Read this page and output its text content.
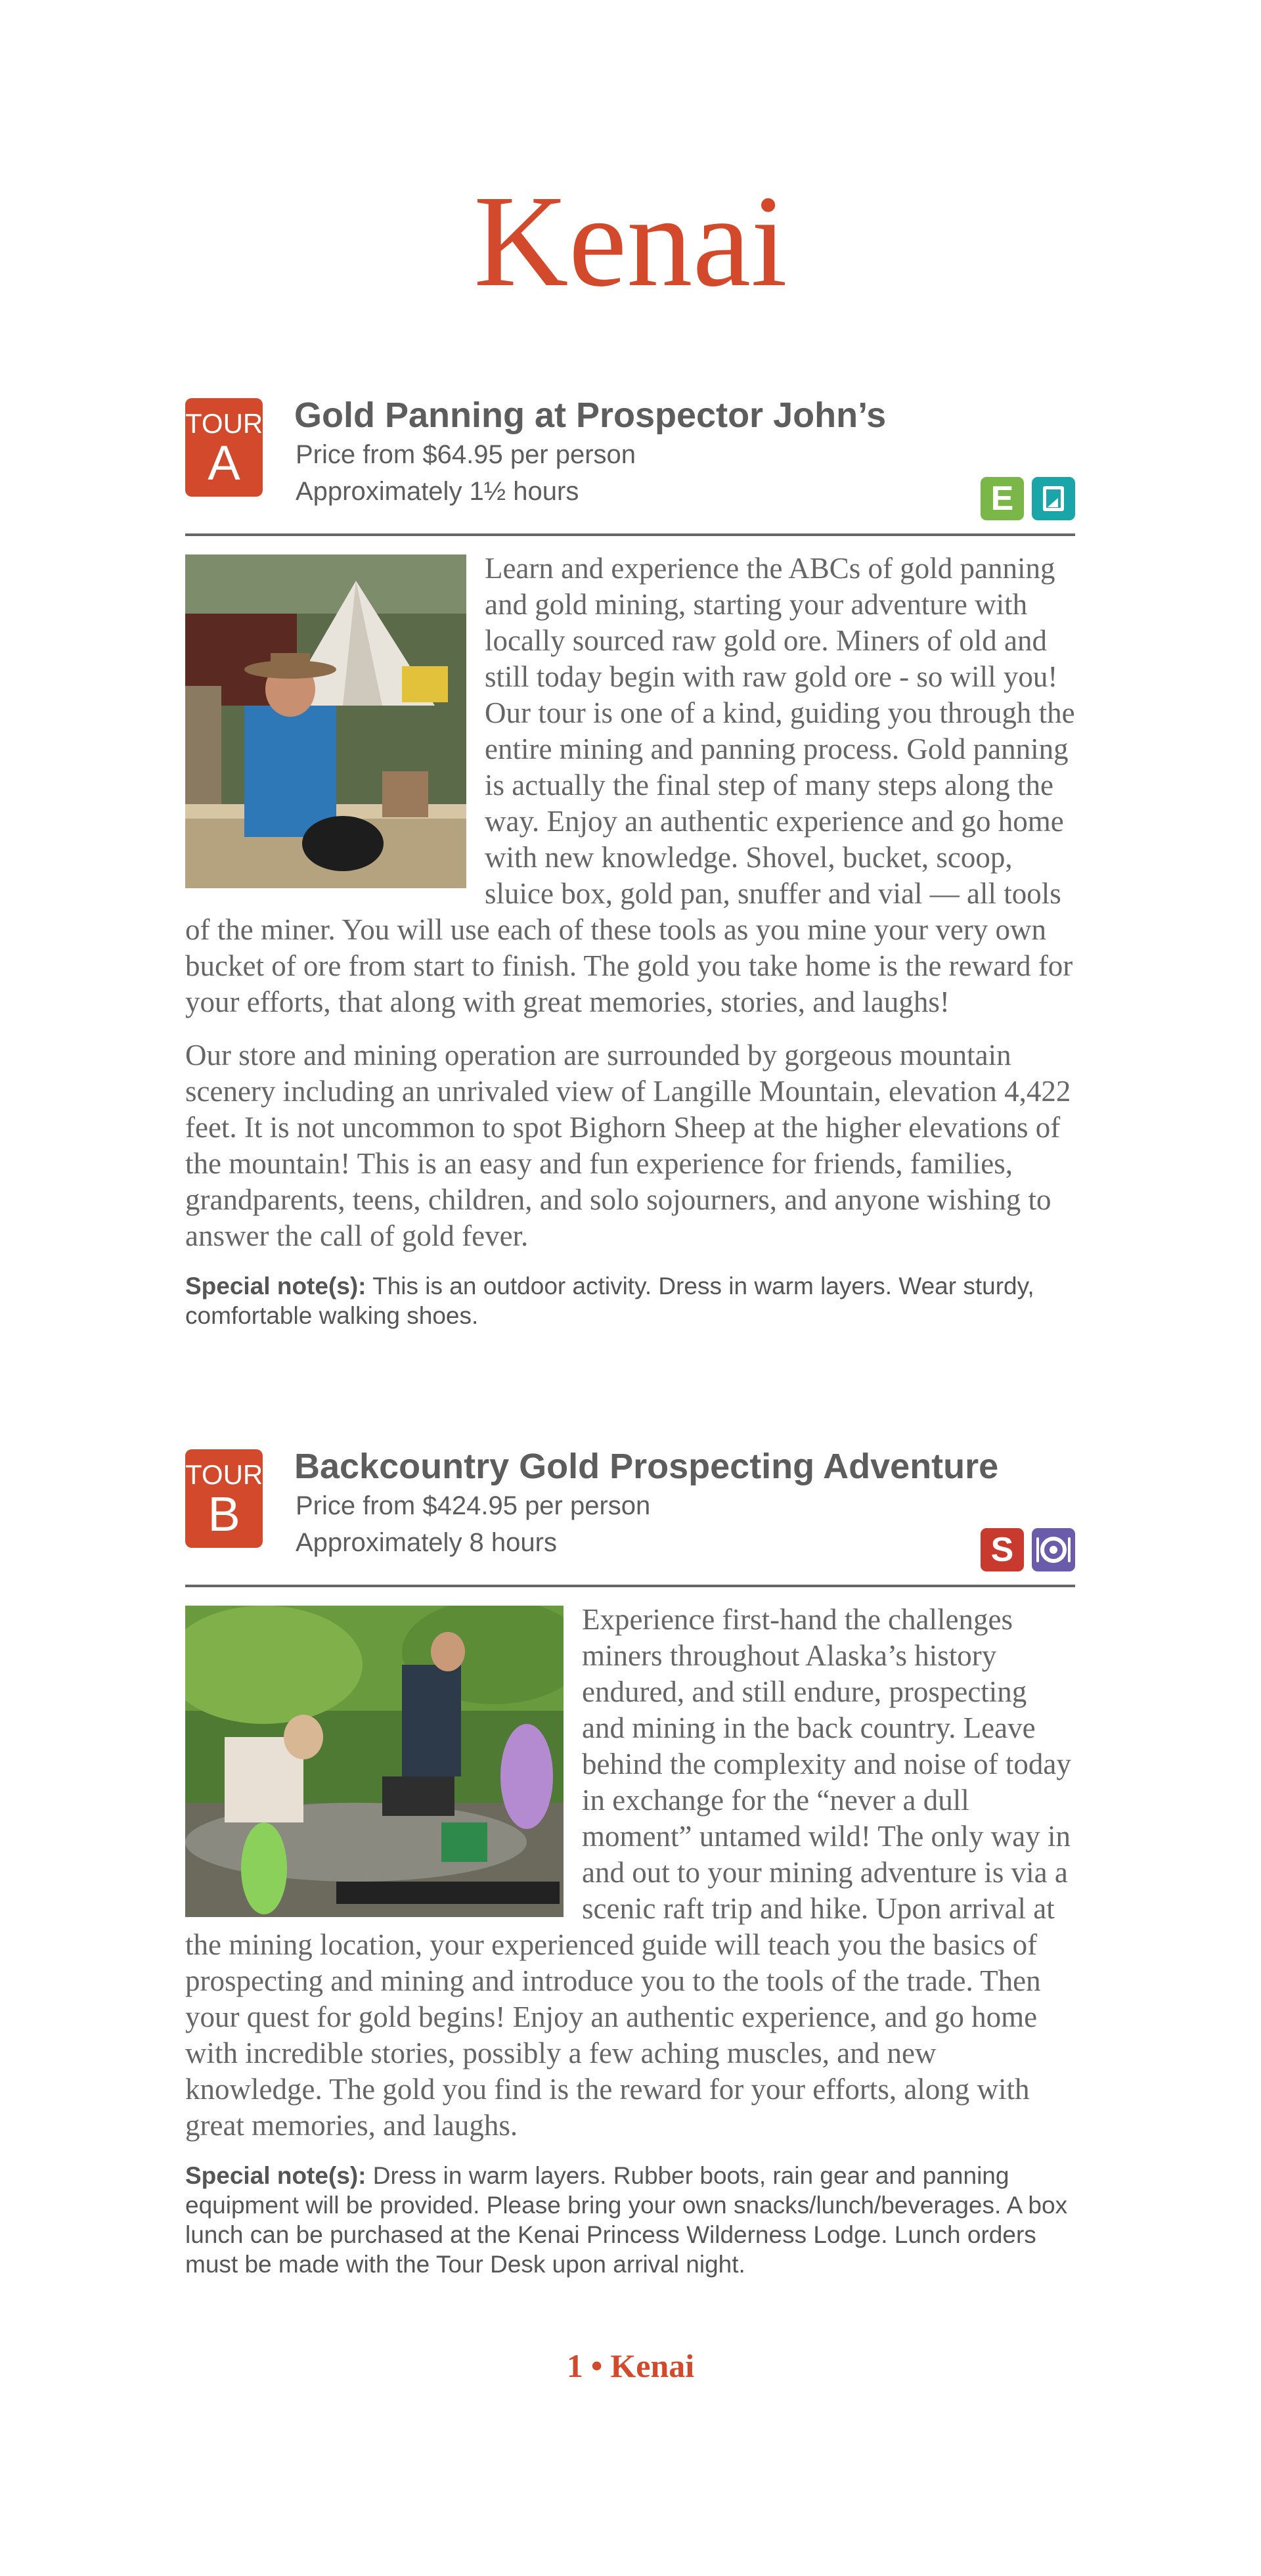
Kenai
TOUR
A
Gold Panning at Prospector John’s
Price from $64.95 per person
Approximately 1½ hours	E

Learn and experience the ABCs of gold panning and gold mining, starting your adventure with locally sourced raw gold ore. Miners of old and still today begin with raw gold ore - so will you! Our tour is one of a kind, guiding you through the entire mining and panning process. Gold panning is actually the final step of many steps along the way. Enjoy an authentic experience and go home with new knowledge. Shovel, bucket, scoop, sluice box, gold pan, snuffer and vial — all tools of the miner. You will use each of these tools as you mine your very own bucket of ore from start to finish. The gold you take home is the reward for your efforts, that along with great memories, stories, and laughs!

Our store and mining operation are surrounded by gorgeous mountain scenery including an unrivaled view of Langille Mountain, elevation 4,422 feet. It is not uncommon to spot Bighorn Sheep at the higher elevations of the mountain! This is an easy and fun experience for friends, families, grandparents, teens, children, and solo sojourners, and anyone wishing to answer the call of gold fever.

Special note(s): This is an outdoor activity. Dress in warm layers. Wear sturdy, comfortable walking shoes.
TOUR
B
Backcountry Gold Prospecting Adventure
Price from $424.95 per person
Approximately 8 hours	S

Experience first-hand the challenges miners throughout Alaska’s history endured, and still endure, prospecting and mining in the back country. Leave behind the complexity and noise of today in exchange for the “never a dull moment” untamed wild! The only way in and out to your mining adventure is via a scenic raft trip and hike. Upon arrival at the mining location, your experienced guide will teach you the basics of prospecting and mining and introduce you to the tools of the trade. Then your quest for gold begins! Enjoy an authentic experience, and go home with incredible stories, possibly a few aching muscles, and new knowledge. The gold you find is the reward for your efforts, along with great memories, and laughs.

Special note(s): Dress in warm layers. Rubber boots, rain gear and panning equipment will be provided. Please bring your own snacks/lunch/beverages. A box lunch can be purchased at the Kenai Princess Wilderness Lodge. Lunch orders must be made with the Tour Desk upon arrival night.
1 • Kenai
